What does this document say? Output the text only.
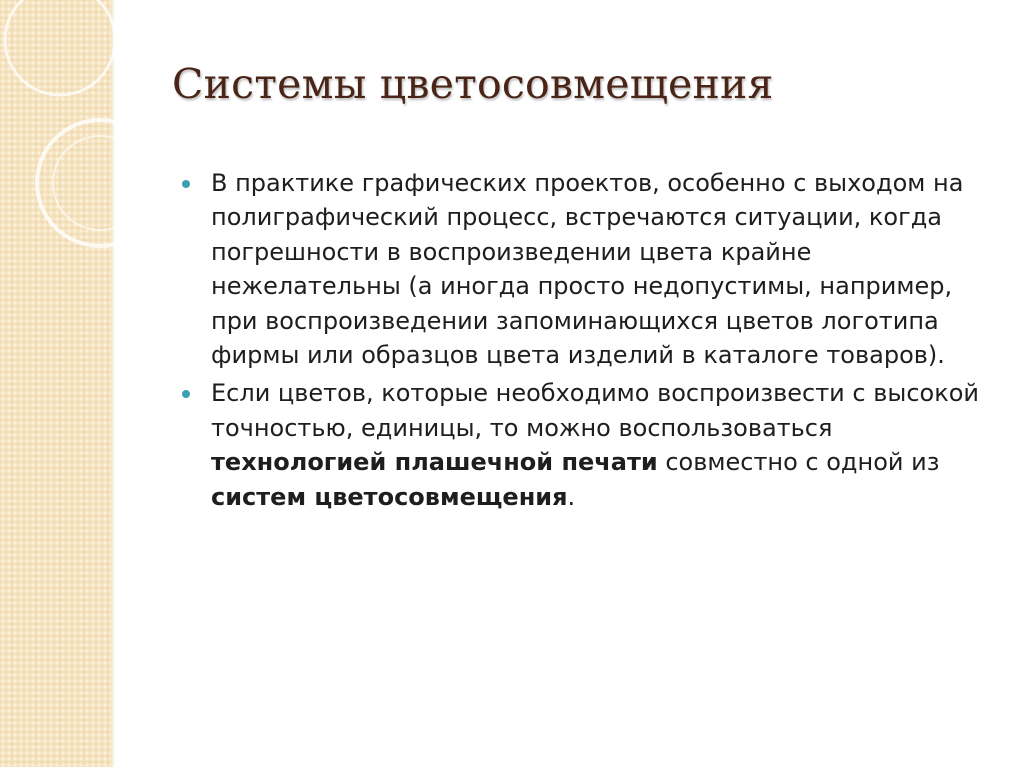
Системы цветосовмещения
В практике графических проектов, особенно с выходом на полиграфический процесс, встречаются ситуации, когда погрешности в воспроизведении цвета крайне нежелательны (а иногда просто недопустимы, например, при воспроизведении запоминающихся цветов логотипа фирмы или образцов цвета изделий в каталоге товаров).
Если цветов, которые необходимо воспроизвести с высокой точностью, единицы, то можно воспользоваться технологией плашечной печати совместно с одной из систем цветосовмещения.
